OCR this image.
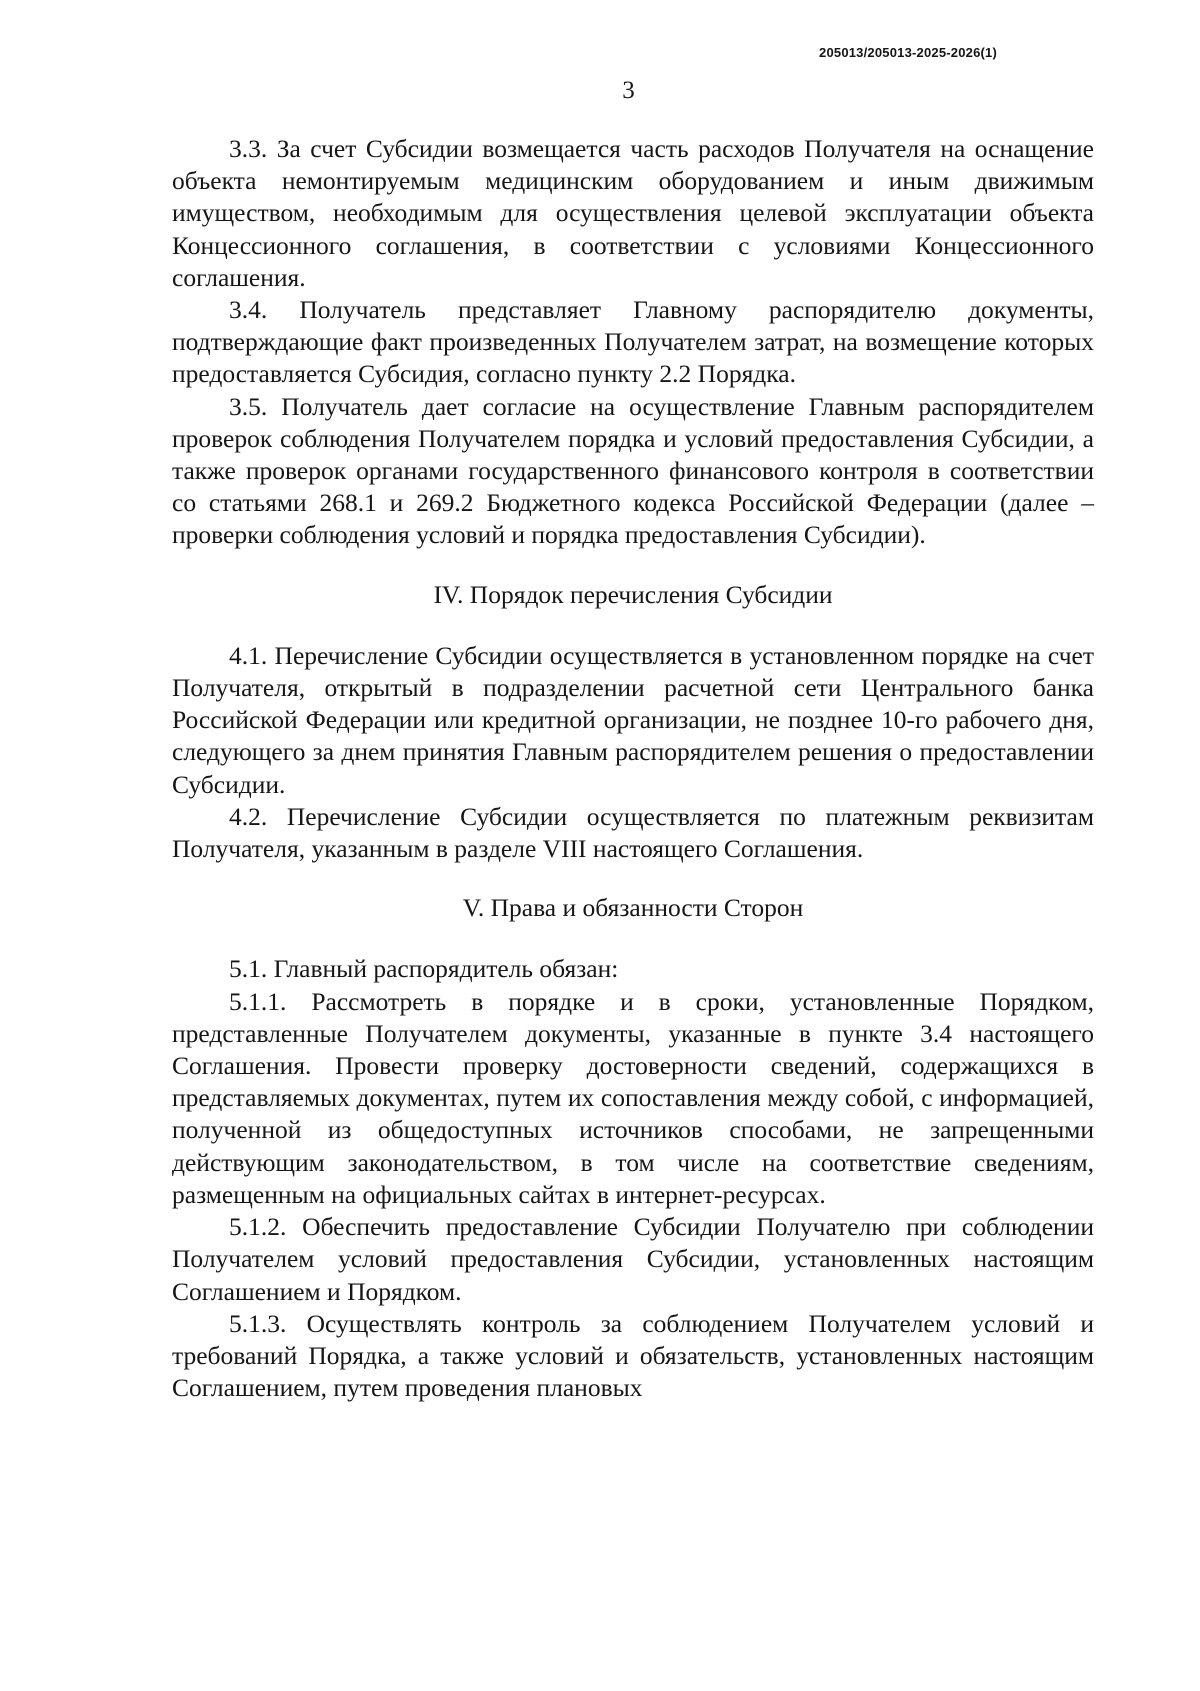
205013/205013-2025-2026(1)
3

3.3. За счет Субсидии возмещается часть расходов Получателя на оснащение объекта немонтируемым медицинским оборудованием и иным движимым имуществом, необходимым для осуществления целевой эксплуатации объекта Концессионного соглашения, в соответствии с условиями Концессионного соглашения.

3.4. Получатель представляет Главному распорядителю документы, подтверждающие факт произведенных Получателем затрат, на возмещение которых предоставляется Субсидия, согласно пункту 2.2 Порядка.

3.5. Получатель дает согласие на осуществление Главным распорядителем проверок соблюдения Получателем порядка и условий предоставления Субсидии, а также проверок органами государственного финансового контроля в соответствии со статьями 268.1 и 269.2 Бюджетного кодекса Российской Федерации (далее – проверки соблюдения условий и порядка предоставления Субсидии).

IV. Порядок перечисления Субсидии

4.1. Перечисление Субсидии осуществляется в установленном порядке на счет Получателя, открытый в подразделении расчетной сети Центрального банка Российской Федерации или кредитной организации, не позднее 10-го рабочего дня, следующего за днем принятия Главным распорядителем решения о предоставлении Субсидии.

4.2. Перечисление Субсидии осуществляется по платежным реквизитам Получателя, указанным в разделе VIII настоящего Соглашения.

V. Права и обязанности Сторон

5.1. Главный распорядитель обязан:

5.1.1. Рассмотреть в порядке и в сроки, установленные Порядком, представленные Получателем документы, указанные в пункте 3.4 настоящего Соглашения. Провести проверку достоверности сведений, содержащихся в представляемых документах, путем их сопоставления между собой, с информацией, полученной из общедоступных источников способами, не запрещенными действующим законодательством, в том числе на соответствие сведениям, размещенным на официальных сайтах в интернет-ресурсах.

5.1.2. Обеспечить предоставление Субсидии Получателю при соблюдении Получателем условий предоставления Субсидии, установленных настоящим Соглашением и Порядком.

5.1.3. Осуществлять контроль за соблюдением Получателем условий и требований Порядка, а также условий и обязательств, установленных настоящим Соглашением, путем проведения плановых
